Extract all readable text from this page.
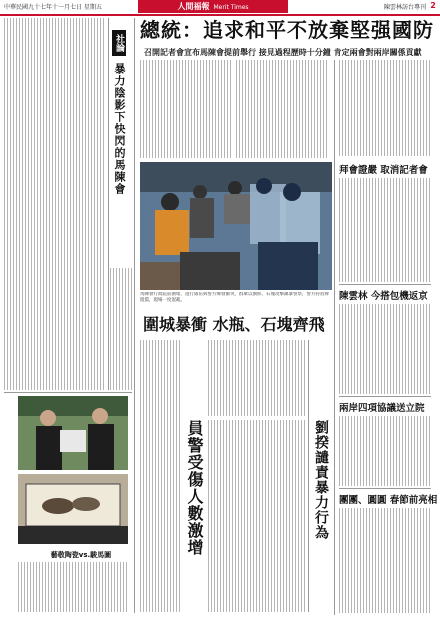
中華民國九十七年十一月七日 星期五	人間福報 Merit Times	陳雲林訪台專刊 2
社論
暴力陰影下快閃的馬陳會
總統：追求和平不放棄堅强國防
召開記者會宣布馬陳會提前舉行 接見過程歷時十分鐘 肯定兩會對兩岸關係貢獻
馬陳會行政院前圍堵，遊行隊伍與警方爆發衝突，群眾以旗桿、石塊攻擊鎮暴警察，警方持盾牌阻擋，現場一度混亂。
拜會證嚴 取消記者會
陳雲林 今搭包機返京
兩岸四項協議送立院
團團、圓圓 春節前亮相
圍城暴衝 水瓶、石塊齊飛
員警受傷人數激增	劉揆譴責暴力行為
藝敬陶瓷vs.駿馬圖
